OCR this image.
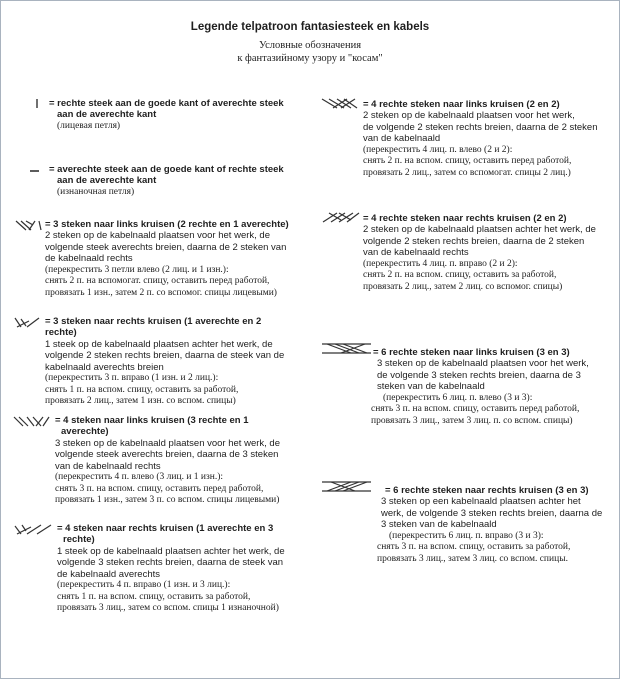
Legende telpatroon fantasiesteek en kabels
Условные обозначения
к фантазийному узору и "косам"
= rechte steek aan de goede kant of averechte steek
aan de averechte kant
(лицевая петля)
= averechte steek aan de goede kant of rechte steek
aan de averechte kant
(изнаночная петля)
= 3 steken naar links kruisen (2 rechte en 1 averechte)
2 steken op de kabelnaald plaatsen voor het werk, de
volgende steek averechts breien, daarna de 2 steken van
de kabelnaald rechts
(перекрестить 3 петли влево (2 лиц. и 1 изн.):
снять 2 п. на вспомогат. спицу, оставить перед работой,
провязать 1 изн., затем 2 п. со вспомог. спицы лицевыми)
= 3 steken naar rechts kruisen (1 averechte en 2
rechte)
1 steek op de kabelnaald plaatsen achter het werk, de
volgende 2 steken rechts breien, daarna de steek van de
kabelnaald averechts breien
(перекрестить 3 п. вправо (1 изн. и 2 лиц.):
снять 1 п. на вспом. спицу, оставить за работой,
провязать 2 лиц., затем 1 изн. со вспом. спицы)
= 4 steken naar links kruisen (3 rechte en 1
averechte)
3 steken op de kabelnaald plaatsen voor het werk, de
volgende steek averechts breien, daarna de 3 steken
van de kabelnaald rechts
(перекрестить 4 п. влево (3 лиц. и 1 изн.):
снять 3 п. на вспом. спицу, оставить перед работой,
провязать 1 изн., затем 3 п. со вспом. спицы лицевыми)
= 4 steken naar rechts kruisen (1 averechte en 3
rechte)
1 steek op de kabelnaald plaatsen achter het werk, de
volgende 3 steken rechts breien, daarna de steek van
de kabelnaald averechts
(перекрестить 4 п. вправо (1 изн. и 3 лиц.):
снять 1 п. на вспом. спицу, оставить за работой,
провязать 3 лиц., затем со вспом. спицы 1 изнаночной)
= 4 rechte steken naar links kruisen (2 en 2)
2 steken op de kabelnaald plaatsen voor het werk,
de volgende 2 steken rechts breien, daarna de 2 steken
van de kabelnaald
(перекрестить 4 лиц. п. влево (2 и 2):
снять 2 п. на вспом. спицу, оставить перед работой,
провязать 2 лиц., затем со вспомогат. спицы 2 лиц.)
= 4 rechte steken naar rechts kruisen (2 en 2)
2 steken op de kabelnaald plaatsen achter het werk, de
volgende 2 steken rechts breien, daarna de 2 steken
van de kabelnaald rechts
(перекрестить 4 лиц. п. вправо (2 и 2):
снять 2 п. на вспом. спицу, оставить за работой,
провязать 2 лиц., затем 2 лиц. со вспомог. спицы)
= 6 rechte steken naar links kruisen (3 en 3)
3 steken op de kabelnaald plaatsen voor het werk,
de volgende 3 steken rechts breien, daarna de 3
steken van de kabelnaald
(перекрестить 6 лиц. п. влево (3 и 3):
снять 3 п. на вспом. спицу, оставить перед работой,
провязать 3 лиц., затем 3 лиц. п. со вспом. спицы)
= 6 rechte steken naar rechts kruisen (3 en 3)
3 steken op een kabelnaald plaatsen achter het
werk, de volgende 3 steken rechts breien, daarna de
3 steken van de kabelnaald
(перекрестить 6 лиц. п. вправо (3 и 3):
снять 3 п. на вспом. спицу, оставить за работой,
провязать 3 лиц., затем 3 лиц. со вспом. спицы.
